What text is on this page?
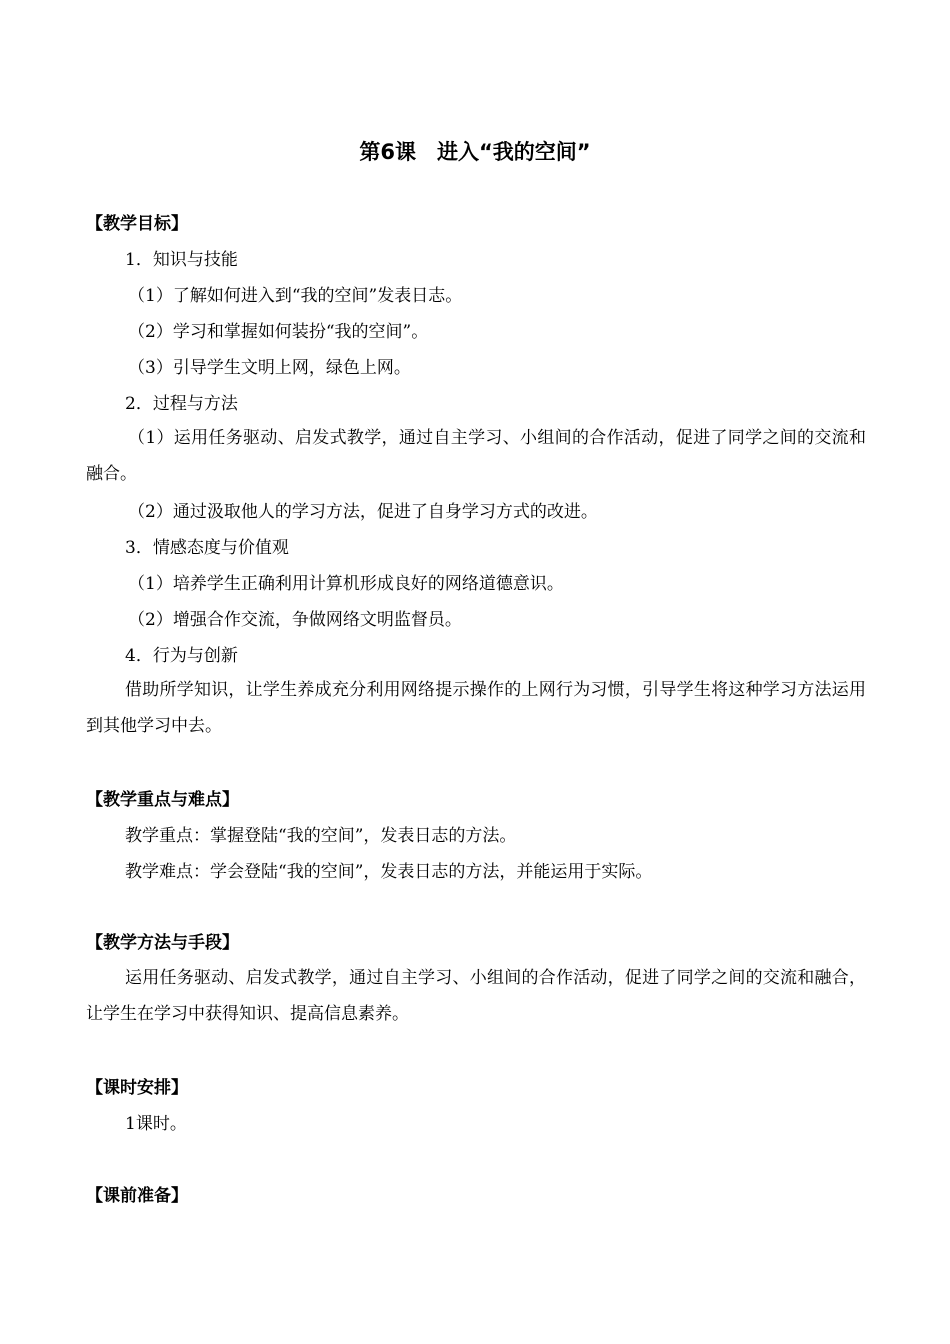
第6课　进入“我的空间”
【教学目标】
1．知识与技能
（1）了解如何进入到“我的空间”发表日志。
（2）学习和掌握如何装扮“我的空间”。
（3）引导学生文明上网，绿色上网。
2．过程与方法
（1）运用任务驱动、启发式教学，通过自主学习、小组间的合作活动，促进了同学之间的交流和融合。
（2）通过汲取他人的学习方法，促进了自身学习方式的改进。
3．情感态度与价值观
（1）培养学生正确利用计算机形成良好的网络道德意识。
（2）增强合作交流，争做网络文明监督员。
4．行为与创新
借助所学知识，让学生养成充分利用网络提示操作的上网行为习惯，引导学生将这种学习方法运用到其他学习中去。
【教学重点与难点】
教学重点：掌握登陆“我的空间”，发表日志的方法。
教学难点：学会登陆“我的空间”，发表日志的方法，并能运用于实际。
【教学方法与手段】
运用任务驱动、启发式教学，通过自主学习、小组间的合作活动，促进了同学之间的交流和融合，让学生在学习中获得知识、提高信息素养。
【课时安排】
1课时。
【课前准备】
